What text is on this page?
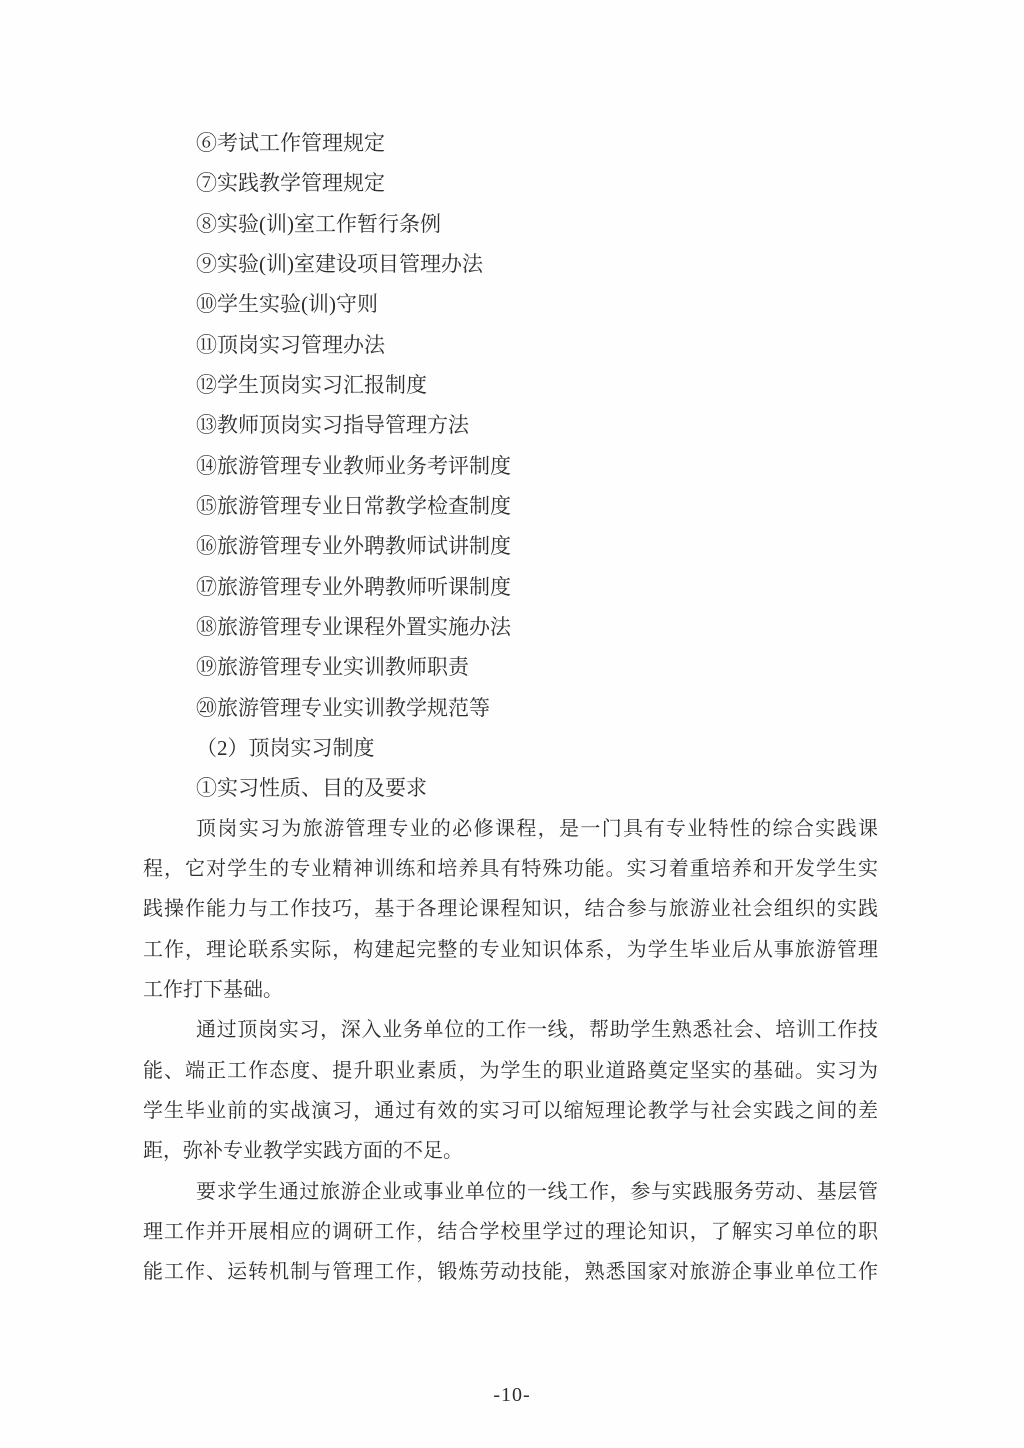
⑥考试工作管理规定
⑦实践教学管理规定
⑧实验(训)室工作暂行条例
⑨实验(训)室建设项目管理办法
⑩学生实验(训)守则
⑪顶岗实习管理办法
⑫学生顶岗实习汇报制度
⑬教师顶岗实习指导管理方法
⑭旅游管理专业教师业务考评制度
⑮旅游管理专业日常教学检查制度
⑯旅游管理专业外聘教师试讲制度
⑰旅游管理专业外聘教师听课制度
⑱旅游管理专业课程外置实施办法
⑲旅游管理专业实训教师职责
⑳旅游管理专业实训教学规范等
（2）顶岗实习制度
①实习性质、目的及要求
顶岗实习为旅游管理专业的必修课程，是一门具有专业特性的综合实践课
程，它对学生的专业精神训练和培养具有特殊功能。实习着重培养和开发学生实
践操作能力与工作技巧，基于各理论课程知识，结合参与旅游业社会组织的实践
工作，理论联系实际，构建起完整的专业知识体系，为学生毕业后从事旅游管理
工作打下基础。
通过顶岗实习，深入业务单位的工作一线，帮助学生熟悉社会、培训工作技
能、端正工作态度、提升职业素质，为学生的职业道路奠定坚实的基础。实习为
学生毕业前的实战演习，通过有效的实习可以缩短理论教学与社会实践之间的差
距，弥补专业教学实践方面的不足。
要求学生通过旅游企业或事业单位的一线工作，参与实践服务劳动、基层管
理工作并开展相应的调研工作，结合学校里学过的理论知识，了解实习单位的职
能工作、运转机制与管理工作，锻炼劳动技能，熟悉国家对旅游企事业单位工作
-10-
